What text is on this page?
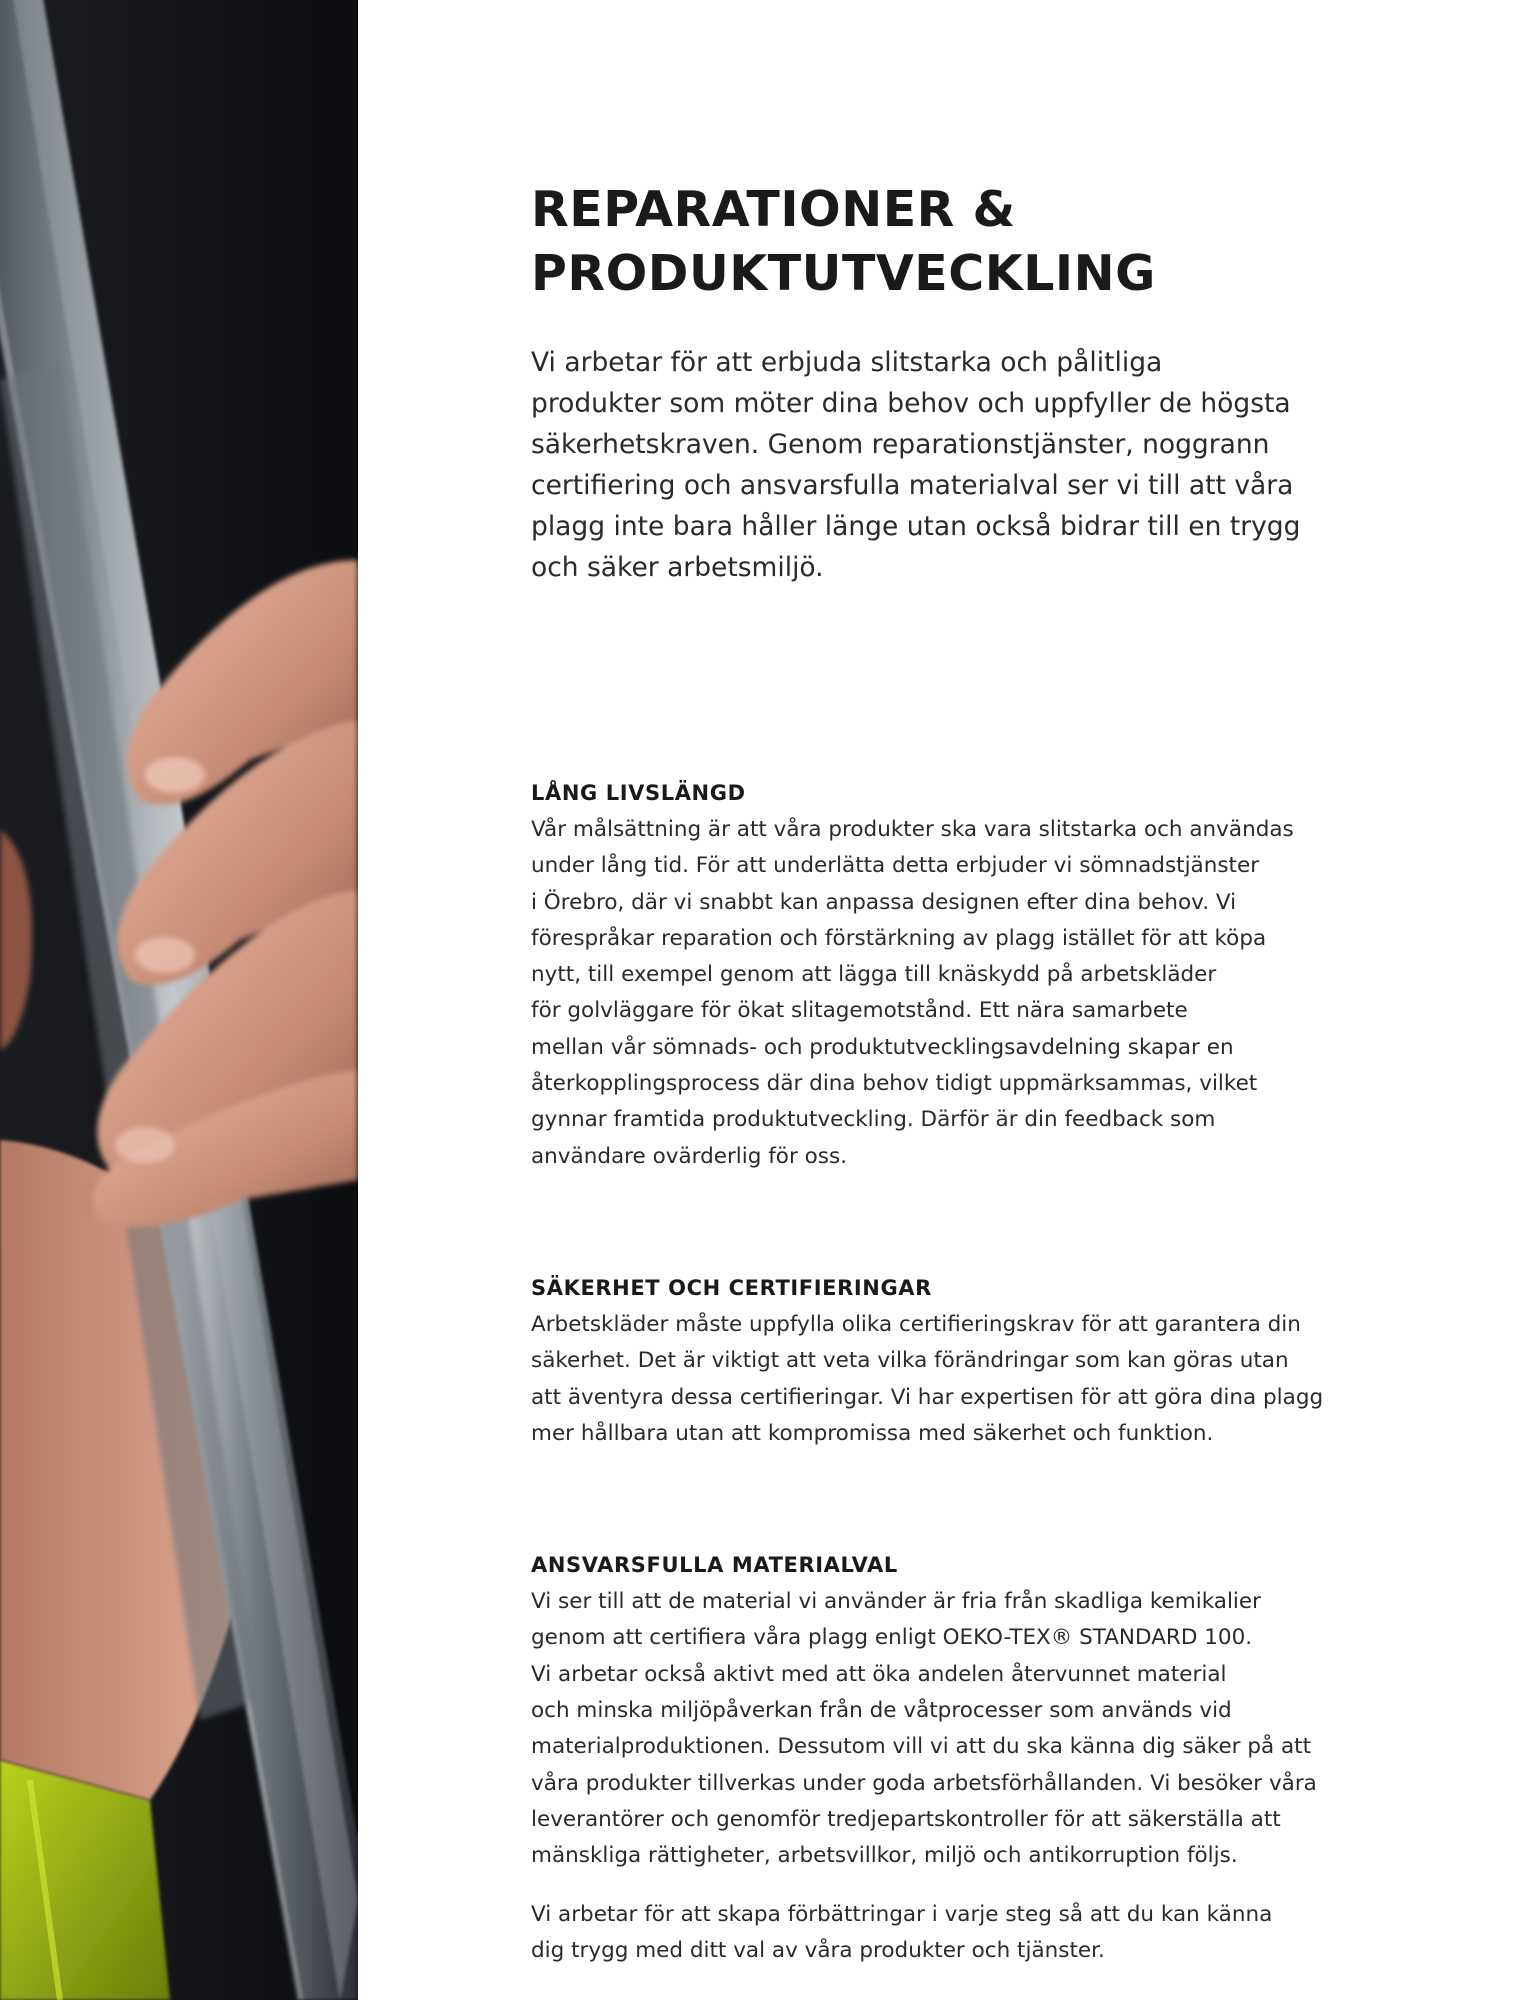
REPARATIONER &
PRODUKTUTVECKLING

Vi arbetar för att erbjuda slitstarka och pålitliga
produkter som möter dina behov och uppfyller de högsta
säkerhetskraven. Genom reparationstjänster, noggrann
certifiering och ansvarsfulla materialval ser vi till att våra
plagg inte bara håller länge utan också bidrar till en trygg
och säker arbetsmiljö.

LÅNG LIVSLÄNGD

Vår målsättning är att våra produkter ska vara slitstarka och användas
under lång tid. För att underlätta detta erbjuder vi sömnadstjänster
i Örebro, där vi snabbt kan anpassa designen efter dina behov. Vi
förespråkar reparation och förstärkning av plagg istället för att köpa
nytt, till exempel genom att lägga till knäskydd på arbetskläder
för golvläggare för ökat slitagemotstånd. Ett nära samarbete
mellan vår sömnads- och produktutvecklingsavdelning skapar en
återkopplingsprocess där dina behov tidigt uppmärksammas, vilket
gynnar framtida produktutveckling. Därför är din feedback som
användare ovärderlig för oss.

SÄKERHET OCH CERTIFIERINGAR

Arbetskläder måste uppfylla olika certifieringskrav för att garantera din
säkerhet. Det är viktigt att veta vilka förändringar som kan göras utan
att äventyra dessa certifieringar. Vi har expertisen för att göra dina plagg
mer hållbara utan att kompromissa med säkerhet och funktion.

ANSVARSFULLA MATERIALVAL

Vi ser till att de material vi använder är fria från skadliga kemikalier
genom att certifiera våra plagg enligt OEKO-TEX® STANDARD 100.
Vi arbetar också aktivt med att öka andelen återvunnet material
och minska miljöpåverkan från de våtprocesser som används vid
materialproduktionen. Dessutom vill vi att du ska känna dig säker på att
våra produkter tillverkas under goda arbetsförhållanden. Vi besöker våra
leverantörer och genomför tredjepartskontroller för att säkerställa att
mänskliga rättigheter, arbetsvillkor, miljö och antikorruption följs.

Vi arbetar för att skapa förbättringar i varje steg så att du kan känna
dig trygg med ditt val av våra produkter och tjänster.
